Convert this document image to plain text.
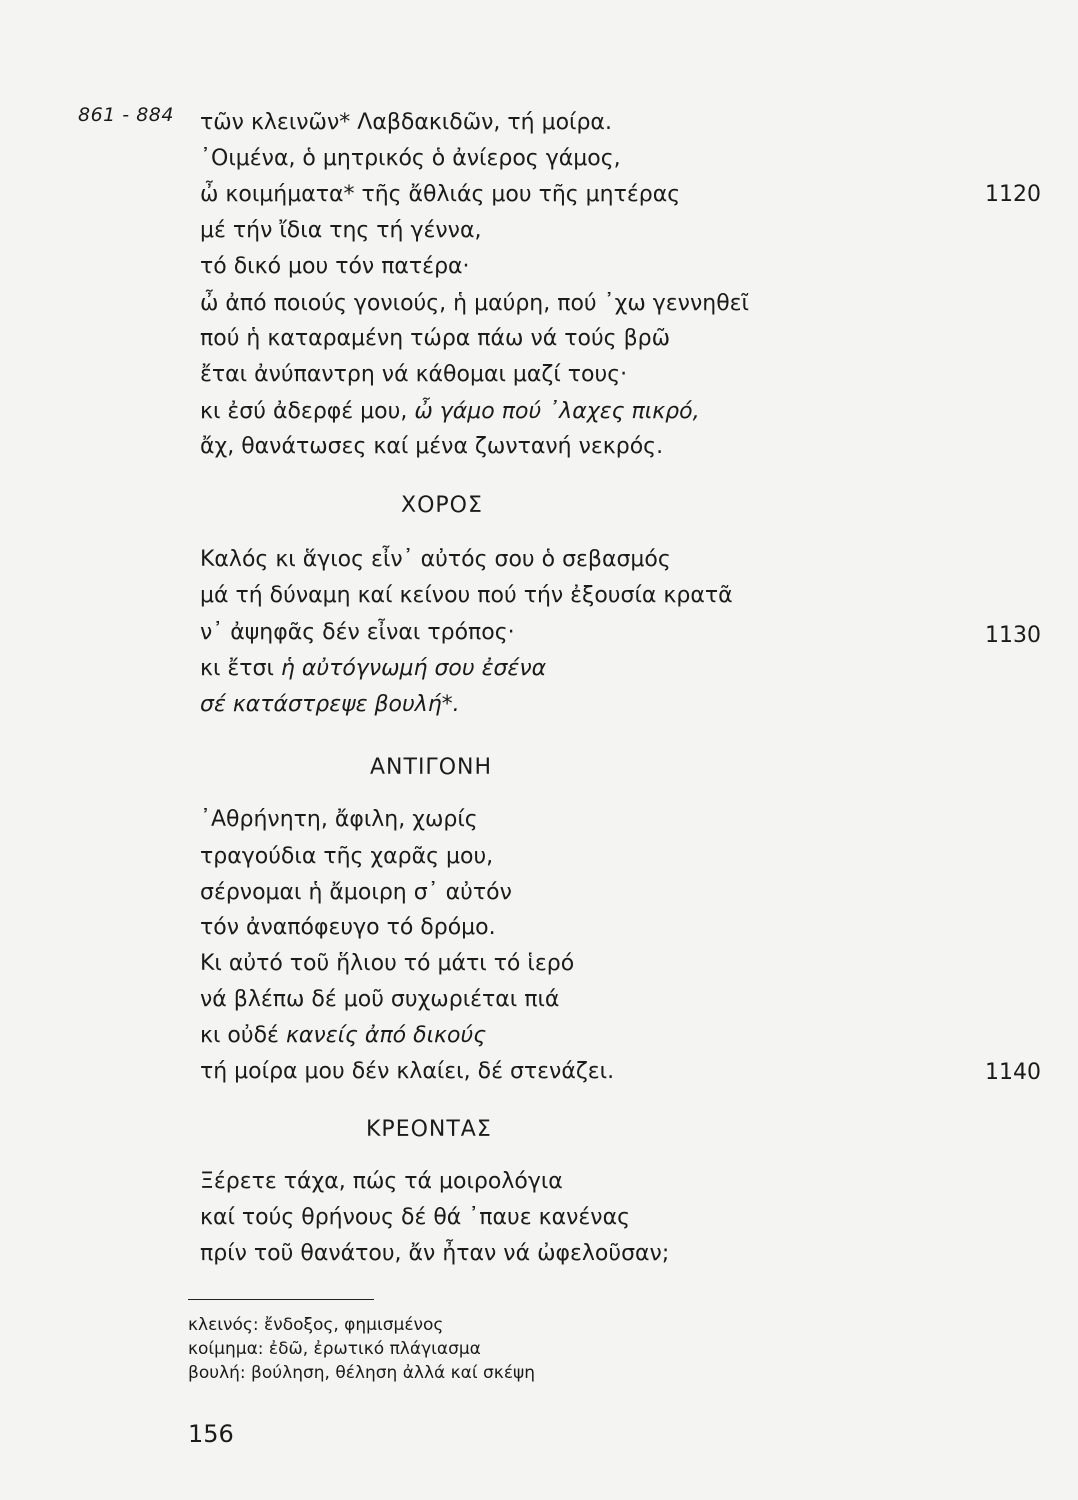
861 - 884 τῶν κλεινῶν* Λαβδακιδῶν, τή μοίρα.
᾿Οιμένα, ὁ μητρικός ὁ ἀνίερος γάμος,
ὦ κοιμήματα* τῆς ἄθλιάς μου τῆς μητέρας	1120
μέ τήν ἴδια της τή γέννα,
τό δικό μου τόν πατέρα·
ὦ ἀπό ποιούς γονιούς, ἡ μαύρη, πού ᾿χω γεννηθεῖ
πού ἡ καταραμένη τώρα πάω νά τούς βρῶ
ἔται ἀνύπαντρη νά κάθομαι μαζί τους·
κι ἐσύ ἀδερφέ μου, ὦ γάμο πού ᾿λαχες πικρό,
ἄχ, θανάτωσες καί μένα ζωντανή νεκρός.
ΧΟΡΟΣ
Καλός κι ἅγιος εἶν᾿ αὐτός σου ὁ σεβασμός
μά τή δύναμη καί κείνου πού τήν ἐξουσία κρατᾶ
ν᾿ ἀψηφᾶς δέν εἶναι τρόπος·	1130
κι ἔτσι ἡ αὐτόγνωμή σου ἐσένα
σέ κατάστρεψε βουλή*.
ΑΝΤΙΓΟΝΗ
᾿Αθρήνητη, ἄφιλη, χωρίς
τραγούδια τῆς χαρᾶς μου,
σέρνομαι ἡ ἄμοιρη σ᾿ αὐτόν
τόν ἀναπόφευγο τό δρόμο.
Κι αὐτό τοῦ ἥλιου τό μάτι τό ἱερό
νά βλέπω δέ μοῦ συχωριέται πιά
κι οὐδέ κανείς ἀπό δικούς
τή μοίρα μου δέν κλαίει, δέ στενάζει.	1140
ΚΡΕΟΝΤΑΣ
Ξέρετε τάχα, πώς τά μοιρολόγια
καί τούς θρήνους δέ θά ᾿παυε κανένας
πρίν τοῦ θανάτου, ἄν ἦταν νά ὠφελοῦσαν;
κλεινός: ἔνδοξος, φημισμένος
κοίμημα: ἐδῶ, ἐρωτικό πλάγιασμα
βουλή: βούληση, θέληση ἀλλά καί σκέψη
156
